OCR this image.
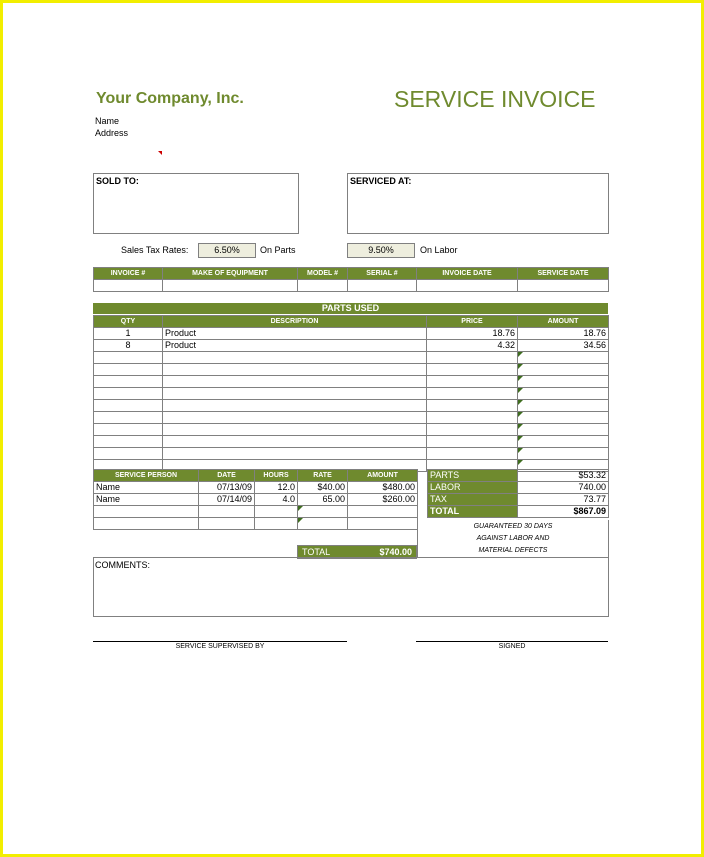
Your Company, Inc.	SERVICE INVOICE
Name
Address
SOLD TO:	SERVICED AT:
Sales Tax Rates:	6.50%	On Parts	9.50%	On Labor
INVOICE #	MAKE OF EQUIPMENT	MODEL #	SERIAL #	INVOICE DATE	SERVICE DATE

PARTS USED
QTY	DESCRIPTION	PRICE	AMOUNT
1	Product	18.76	18.76
8	Product	4.32	34.56

SERVICE PERSON	DATE	HOURS	RATE	AMOUNT
Name	07/13/09	12.0	$40.00	$480.00
Name	07/14/09	4.0	65.00	$260.00

TOTAL	$740.00
PARTS	$53.32
LABOR	740.00
TAX	73.77
TOTAL	$867.09
GUARANTEED 30 DAYS
AGAINST LABOR AND
MATERIAL DEFECTS
COMMENTS:
SERVICE SUPERVISED BY	SIGNED
